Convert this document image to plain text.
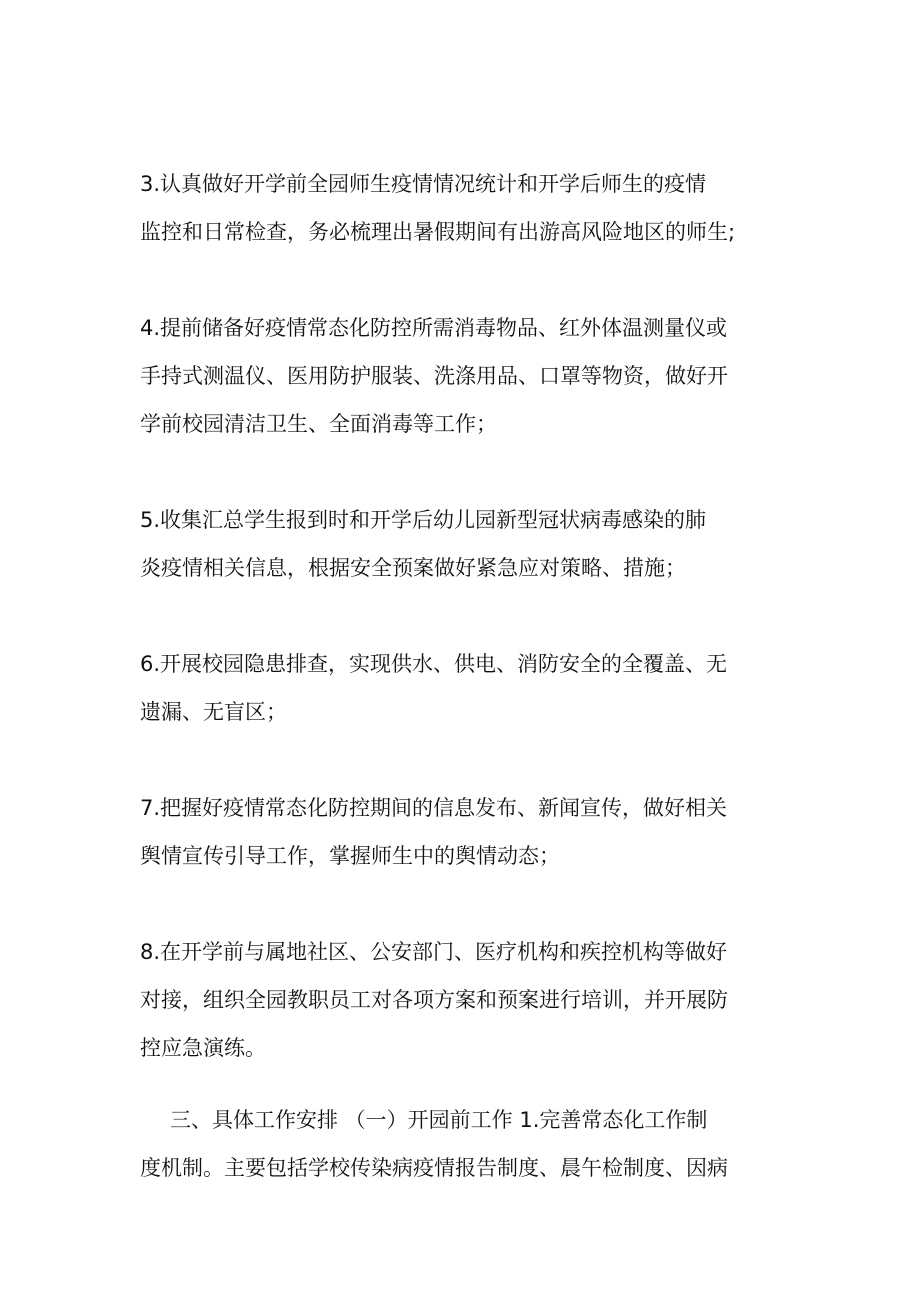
3.认真做好开学前全园师生疫情情况统计和开学后师生的疫情
监控和日常检查，务必梳理出暑假期间有出游高风险地区的师生;
4.提前储备好疫情常态化防控所需消毒物品、红外体温测量仪或
手持式测温仪、医用防护服装、洗涤用品、口罩等物资，做好开
学前校园清洁卫生、全面消毒等工作；
5.收集汇总学生报到时和开学后幼儿园新型冠状病毒感染的肺
炎疫情相关信息，根据安全预案做好紧急应对策略、措施；
6.开展校园隐患排查，实现供水、供电、消防安全的全覆盖、无
遗漏、无盲区；
7.把握好疫情常态化防控期间的信息发布、新闻宣传，做好相关
舆情宣传引导工作，掌握师生中的舆情动态；
8.在开学前与属地社区、公安部门、医疗机构和疾控机构等做好
对接，组织全园教职员工对各项方案和预案进行培训，并开展防
控应急演练。
三、具体工作安排 （一）开园前工作 1.完善常态化工作制
度机制。主要包括学校传染病疫情报告制度、晨午检制度、因病
